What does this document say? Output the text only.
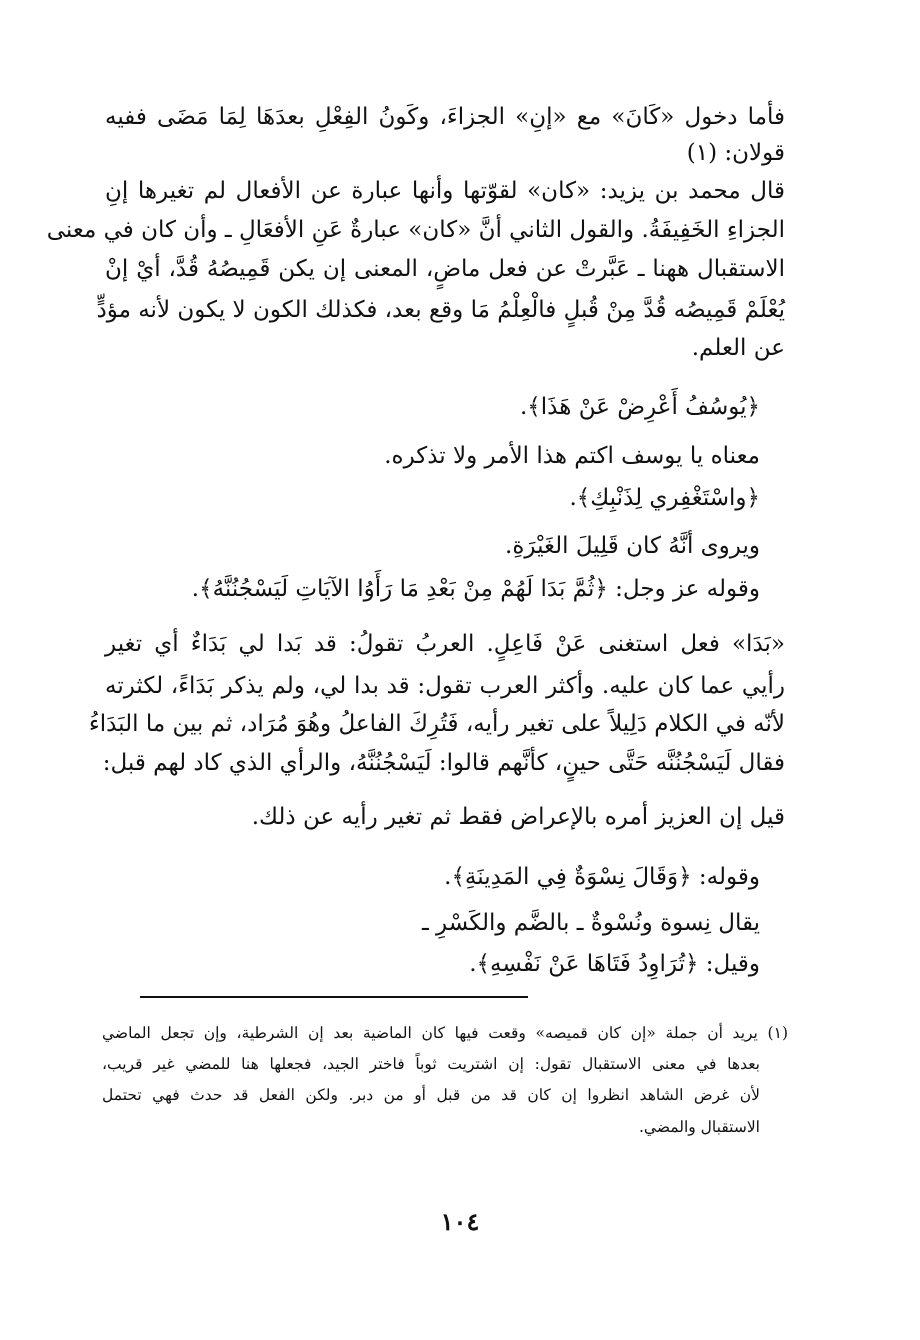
فأما دخول «كَانَ» مع «إنِ» الجزاءَ، وكَونُ الفِعْلِ بعدَهَا لِمَا مَضَى ففيه
قولان: (١)
قال محمد بن يزيد: «كان» لقوّتها وأنها عبارة عن الأفعال لم تغيرها إنِ
الجزاءِ الخَفِيفَةُ. والقول الثاني أنَّ «كان» عبارةٌ عَنِ الأفعَالِ ـ وأن كان في معنى
الاستقبال ههنا ـ عَبَّرتْ عن فعل ماضٍ، المعنى إن يكن قَمِيصُهُ قُدَّ، أيْ إنْ
يُعْلَمْ قَمِيصُه قُدَّ مِنْ قُبلٍ فالْعِلْمُ مَا وقع بعد، فكذلك الكون لا يكون لأنه مؤدٍّ
عن العلم.
﴿يُوسُفُ أَعْرِضْ عَنْ هَذَا﴾.
معناه يا يوسف اكتم هذا الأمر ولا تذكره.
﴿واسْتَغْفِري لِذَنْبِكِ﴾.
ويروى أنَّهُ كان قَلِيلَ الغَيْرَةِ.
وقوله عز وجل: ﴿ثُمَّ بَدَا لَهُمْ مِنْ بَعْدِ مَا رَأَوُا الآيَاتِ لَيَسْجُنُنَّهُ﴾.
«بَدَا» فعل استغنى عَنْ فَاعِلٍ. العربُ تقولُ: قد بَدا لي بَدَاءٌ أي تغير
رأيي عما كان عليه. وأكثر العرب تقول: قد بدا لي، ولم يذكر بَدَاءً، لكثرته
لأنّه في الكلام دَلِيلاً على تغير رأيه، فَتُرِكَ الفاعلُ وهُوَ مُرَاد، ثم بين ما البَدَاءُ
فقال لَيَسْجُنُنَّه حَتَّى حينٍ، كأنَّهم قالوا: لَيَسْجُنُنَّهُ، والرأي الذي كاد لهم قبل:
قيل إن العزيز أمره بالإعراض فقط ثم تغير رأيه عن ذلك.
وقوله: ﴿وَقَالَ نِسْوَةٌ فِي المَدِينَةِ﴾.
يقال نِسوة ونُسْوةٌ ـ بالضَّم والكَسْرِ ـ
وقيل: ﴿تُرَاوِدُ فَتَاهَا عَنْ نَفْسِهِ﴾.
(١) يريد أن جملة «إن كان قميصه» وقعت فيها كان الماضية بعد إن الشرطية، وإن تجعل الماضي
بعدها في معنى الاستقبال تقول: إن اشتريت ثوباً فاختر الجيد، فجعلها هنا للمضي غير قريب،
لأن غرض الشاهد انظروا إن كان قد من قبل أو من دبر. ولكن الفعل قد حدث فهي تحتمل
الاستقبال والمضي.
١٠٤
